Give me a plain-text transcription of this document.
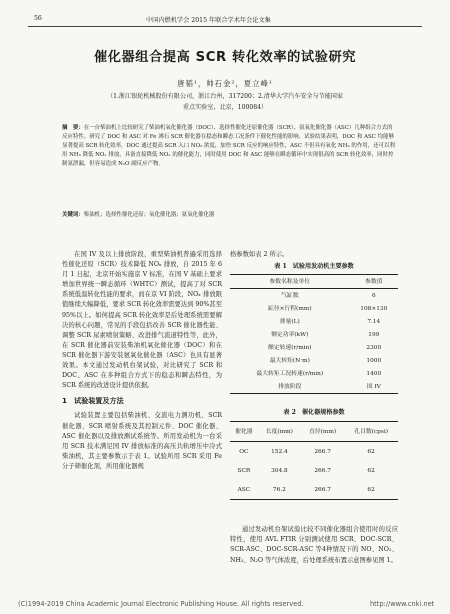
56	中国内燃机学会 2015 年联合学术年会论文集
催化器组合提高 SCR 转化效率的试验研究
唐韬¹，帅石金²，夏立峰¹
（1.浙江银轮机械股份有限公司，浙江台州，317200；2.清华大学汽车安全与节能国家
重点实验室，北京，100084）
摘　要：在一台柴油机上比较研究了柴油机氧化催化器（DOC）、选择性催化还原催化器（SCR）、氨氧化催化器（ASC）几种组合方式的反应特性。研究了 DOC 和 ASC 对 Fe 沸石 SCR 催化器在稳态和瞬态工况条件下催化性能的影响。试验结果表明，DOC 和 ASC 均能够显著提高 SCR 转化效率，DOC 通过提高 SCR 入口 NO₂ 浓度，加快 SCR 反应的响应特性，ASC 不但具有氧化 NH₃ 的作用，还可以利用 NH₃ 降低 NOₓ 排放，具备直接降低 NOₓ 的催化能力，同时使用 DOC 和 ASC 能够在瞬态循环中实现很高的 SCR 转化效率，同时控制氨泄漏，但容易造成 N₂O 副反应产物。
关键词：柴油机；选择性催化还原；氧化催化器；氨氧化催化器

在国 IV 及以上排放阶段，重型柴油机普遍采用选择性催化还原（SCR）技术降低 NOₓ 排放，自 2015 年 6 月 1 日起，北京开始实施京 V 标准，在国 V 基础上要求增加世界统一瞬态循环（WHTC）测试，提高了对 SCR 系统低温转化性能的要求，而在京 VI 阶段，NOₓ 排放限值继续大幅降低，要求 SCR 转化效率需要达到 90%甚至 95%以上。如何提高 SCR 转化效率是后处理系统需要解决的核心问题，常见的手段包括改善 SCR 催化器性能、调整 SCR 尿素喷射策略、改进排气流道特性等，此外，在 SCR 催化器前安装柴油机氧化催化器（DOC）和在 SCR 催化器下游安装氨氧化催化器（ASC）也具有显著效果。本文通过发动机台架试验，对比研究了 SCR 和 DOC、ASC 在多种组合方式下的稳态和瞬态特性，为 SCR 系统的改进设计提供依据。

1　试验装置及方法

试验装置主要包括柴油机、交流电力测功机、SCR 催化器、SCR 喷射系统及其控制元件、DOC 催化器、ASC 催化器以及排放测试系统等。所用发动机为一台采用 SCR 技术满足国 IV 排放标准的高压共轨增压中冷式柴油机，其主要参数示于表 1。试验所用 SCR 采用 Fe 分子筛催化剂，所用催化器规

格参数如表 2 所示。

表 1　试验用发动机主要参数
参数名称及单位	参数值
气缸数	6
缸径×行程(mm)	108×130
排量(L)	7.14
额定功率(kW)	199
额定转速(r/min)	2300
最大转矩(N·m)	1000
最大转矩工况转速(r/min)	1400
排放阶段	国 IV
表 2　催化器规格参数
催化器	长度(mm)	直径(mm)	孔目数(cpsi)
OC	152.4	266.7	62
SCR	304.8	266.7	62
ASC	76.2	266.7	62

通过发动机台架试验比较不同催化器组合使用时的反应特性，使用 AVL FTIR 分别测试使用 SCR、DOC-SCR、SCR-ASC、DOC-SCR-ASC 等4种情况下的 NO、NO₂、NH₃、N₂O 等气体浓度，后处理系统布置示意图参见图 1。

(C)1994-2019 China Academic Journal Electronic Publishing House. All rights reserved.	http://www.cnki.net
